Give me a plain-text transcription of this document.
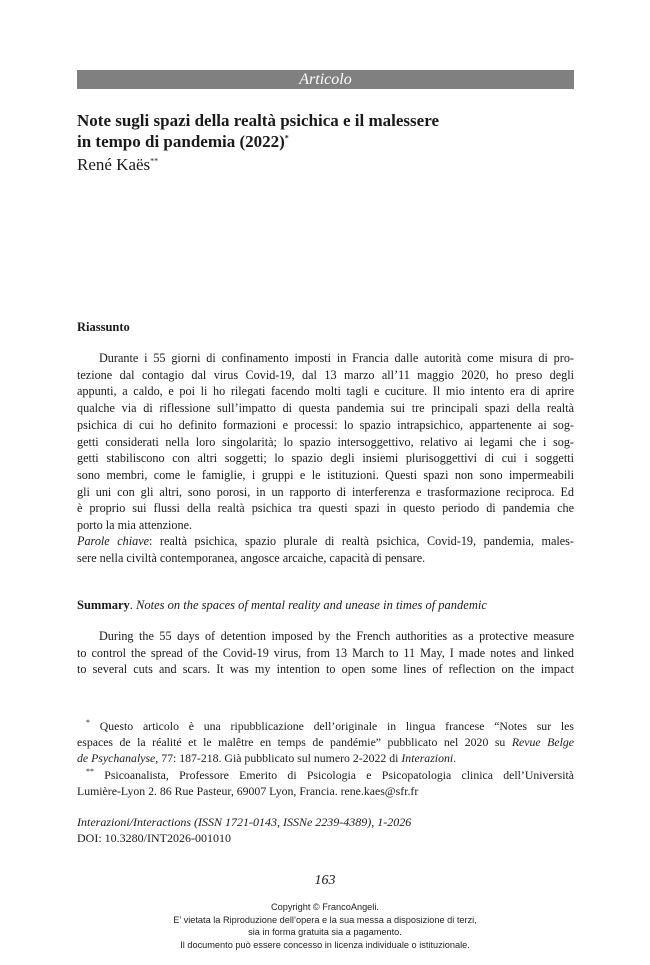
Articolo
Note sugli spazi della realtà psichica e il malessere
in tempo di pandemia (2022)*
René Kaës**
Riassunto
Durante i 55 giorni di confinamento imposti in Francia dalle autorità come misura di pro-
tezione dal contagio dal virus Covid-19, dal 13 marzo all’11 maggio 2020, ho preso degli
appunti, a caldo, e poi li ho rilegati facendo molti tagli e cuciture. Il mio intento era di aprire
qualche via di riflessione sull’impatto di questa pandemia sui tre principali spazi della realtà
psichica di cui ho definito formazioni e processi: lo spazio intrapsichico, appartenente ai sog-
getti considerati nella loro singolarità; lo spazio intersoggettivo, relativo ai legami che i sog-
getti stabiliscono con altri soggetti; lo spazio degli insiemi plurisoggettivi di cui i soggetti
sono membri, come le famiglie, i gruppi e le istituzioni. Questi spazi non sono impermeabili
gli uni con gli altri, sono porosi, in un rapporto di interferenza e trasformazione reciproca. Ed
è proprio sui flussi della realtà psichica tra questi spazi in questo periodo di pandemia che
porto la mia attenzione.
Parole chiave: realtà psichica, spazio plurale di realtà psichica, Covid-19, pandemia, males-
sere nella civiltà contemporanea, angosce arcaiche, capacità di pensare.
Summary. Notes on the spaces of mental reality and unease in times of pandemic
During the 55 days of detention imposed by the French authorities as a protective measure
to control the spread of the Covid-19 virus, from 13 March to 11 May, I made notes and linked
to several cuts and scars. It was my intention to open some lines of reflection on the impact
* Questo articolo è una ripubblicazione dell’originale in lingua francese “Notes sur les
espaces de la réalité et le malêtre en temps de pandémie” pubblicato nel 2020 su Revue Belge
de Psychanalyse, 77: 187-218. Già pubblicato sul numero 2-2022 di Interazioni.
** Psicoanalista, Professore Emerito di Psicologia e Psicopatologia clinica dell’Università
Lumière-Lyon 2. 86 Rue Pasteur, 69007 Lyon, Francia. rene.kaes@sfr.fr
Interazioni/Interactions (ISSN 1721-0143, ISSNe 2239-4389), 1-2026
DOI: 10.3280/INT2026-001010
163
Copyright © FrancoAngeli.
E’ vietata la Riproduzione dell’opera e la sua messa a disposizione di terzi,
sia in forma gratuita sia a pagamento.
Il documento può essere concesso in licenza individuale o istituzionale.
